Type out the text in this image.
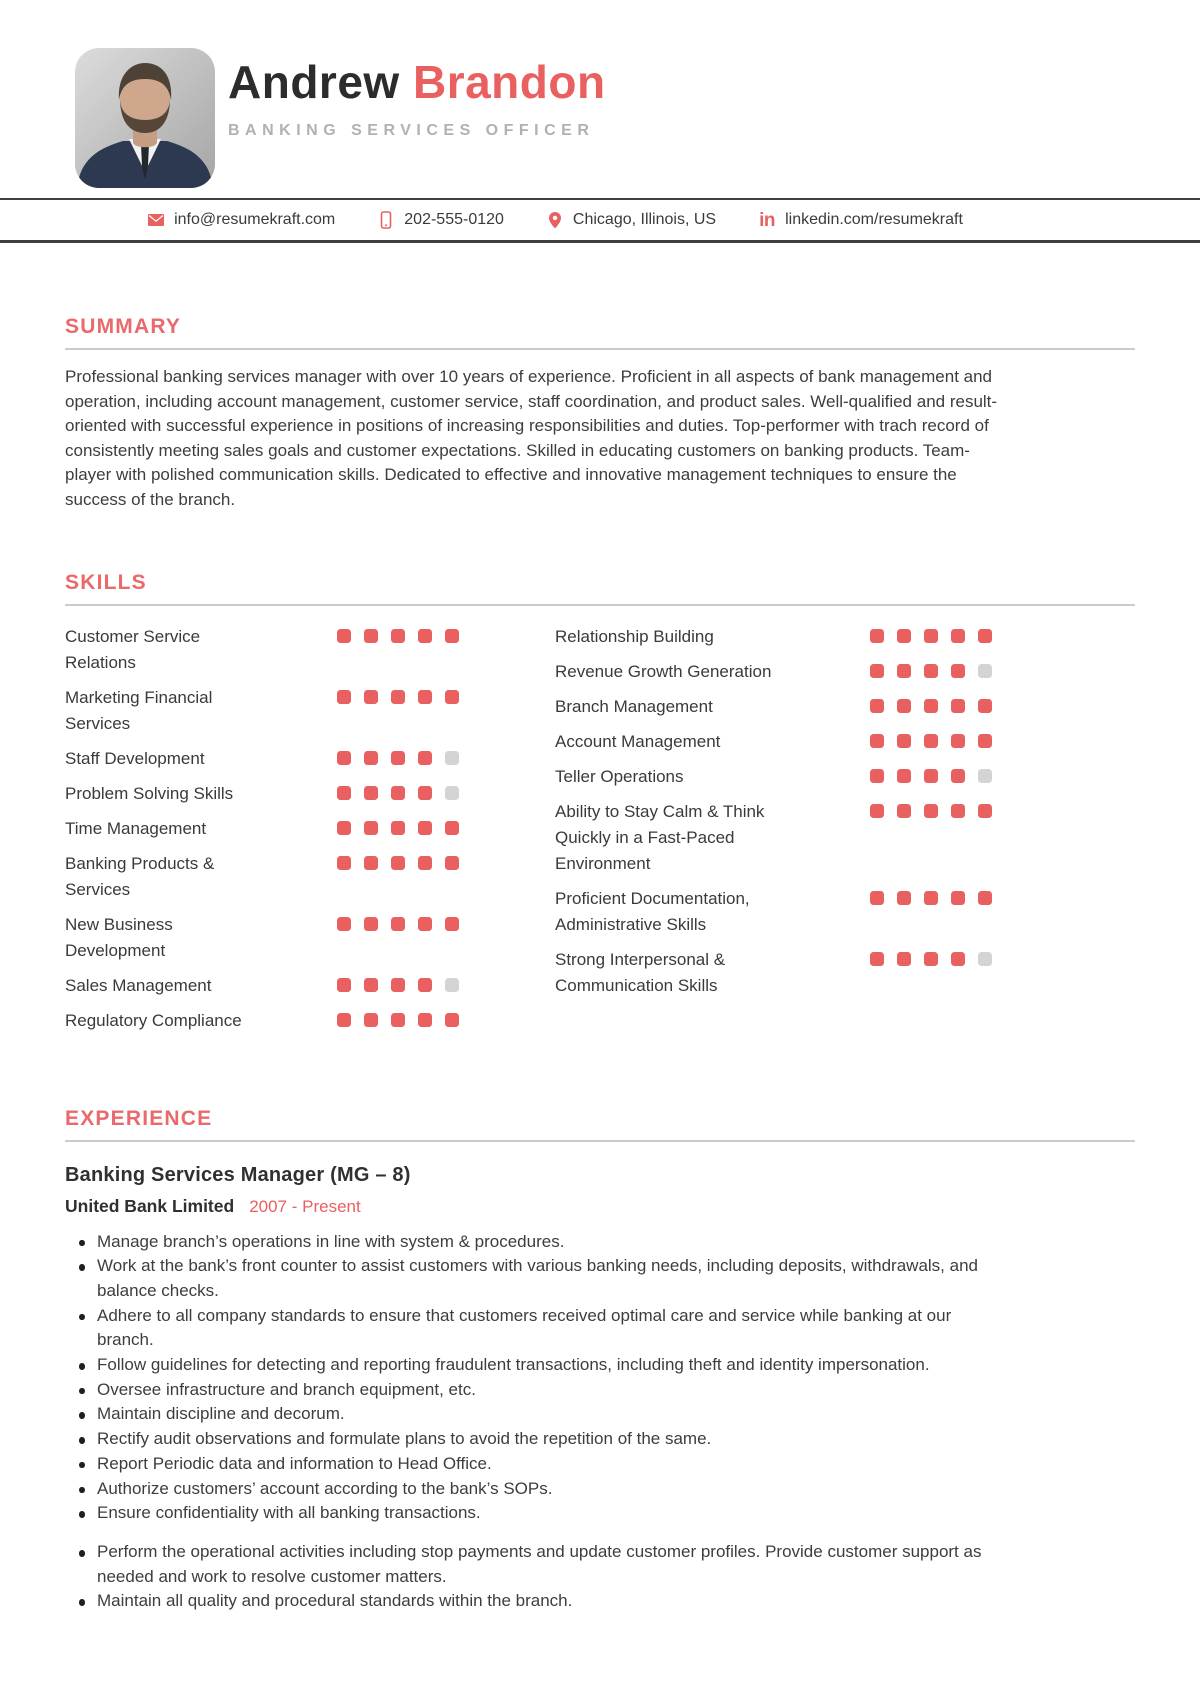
Andrew Brandon
BANKING SERVICES OFFICER
info@resumekraft.com	202-555-0120	Chicago, Illinois, US in linkedin.com/resumekraft
SUMMARY

Professional banking services manager with over 10 years of experience. Proficient in all aspects of bank management and operation, including account management, customer service, staff coordination, and product sales. Well-qualified and result-oriented with successful experience in positions of increasing responsibilities and duties. Top-performer with trach record of consistently meeting sales goals and customer expectations. Skilled in educating customers on banking products. Team-player with polished communication skills. Dedicated to effective and innovative management techniques to ensure the success of the branch.

SKILLS
Customer Service Relations
Marketing Financial Services
Staff Development
Problem Solving Skills
Time Management
Banking Products & Services
New Business Development
Sales Management
Regulatory Compliance
Relationship Building
Revenue Growth Generation
Branch Management
Account Management
Teller Operations
Ability to Stay Calm & Think Quickly in a Fast-Paced Environment
Proficient Documentation, Administrative Skills
Strong Interpersonal & Communication Skills
EXPERIENCE
Banking Services Manager (MG – 8)
United Bank Limited 2007 - Present
Manage branch’s operations in line with system & procedures.
Work at the bank’s front counter to assist customers with various banking needs, including deposits, withdrawals, and balance checks.
Adhere to all company standards to ensure that customers received optimal care and service while banking at our branch.
Follow guidelines for detecting and reporting fraudulent transactions, including theft and identity impersonation.
Oversee infrastructure and branch equipment, etc.
Maintain discipline and decorum.
Rectify audit observations and formulate plans to avoid the repetition of the same.
Report Periodic data and information to Head Office.
Authorize customers’ account according to the bank’s SOPs.
Ensure confidentiality with all banking transactions.
Perform the operational activities including stop payments and update customer profiles. Provide customer support as needed and work to resolve customer matters.
Maintain all quality and procedural standards within the branch.
